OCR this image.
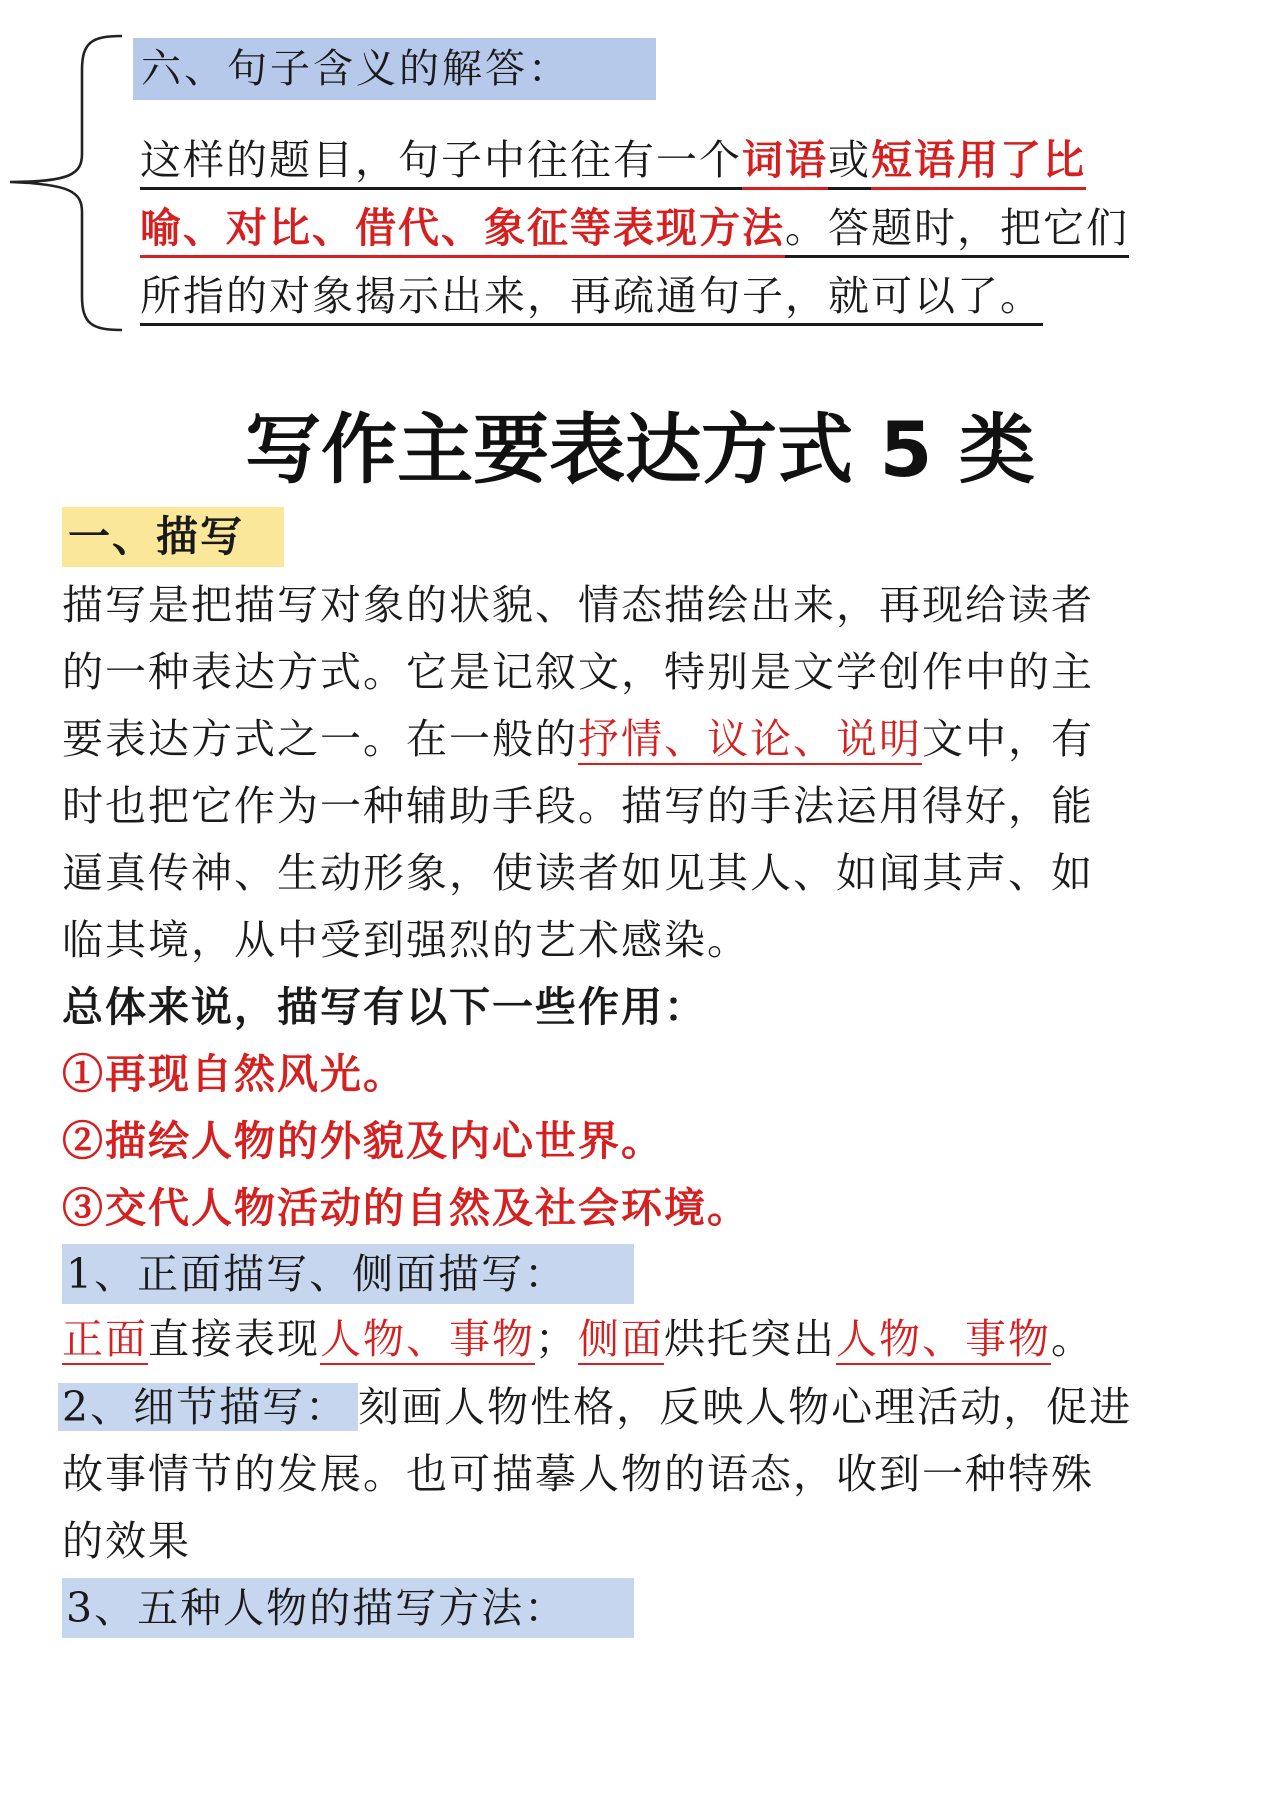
六、句子含义的解答：
这样的题目，句子中往往有一个词语或短语用了比
喻、对比、借代、象征等表现方法。答题时，把它们
所指的对象揭示出来，再疏通句子，就可以了。
写作主要表达方式 5 类
一、描写
描写是把描写对象的状貌、情态描绘出来，再现给读者
的一种表达方式。它是记叙文，特别是文学创作中的主
要表达方式之一。在一般的抒情、议论、说明文中，有
时也把它作为一种辅助手段。描写的手法运用得好，能
逼真传神、生动形象，使读者如见其人、如闻其声、如
临其境，从中受到强烈的艺术感染。
总体来说，描写有以下一些作用：
①再现自然风光。
②描绘人物的外貌及内心世界。
③交代人物活动的自然及社会环境。
1、正面描写、侧面描写：
正面直接表现人物、事物；侧面烘托突出人物、事物。
2、细节描写： 刻画人物性格，反映人物心理活动，促进
故事情节的发展。也可描摹人物的语态，收到一种特殊
的效果
3、五种人物的描写方法：
